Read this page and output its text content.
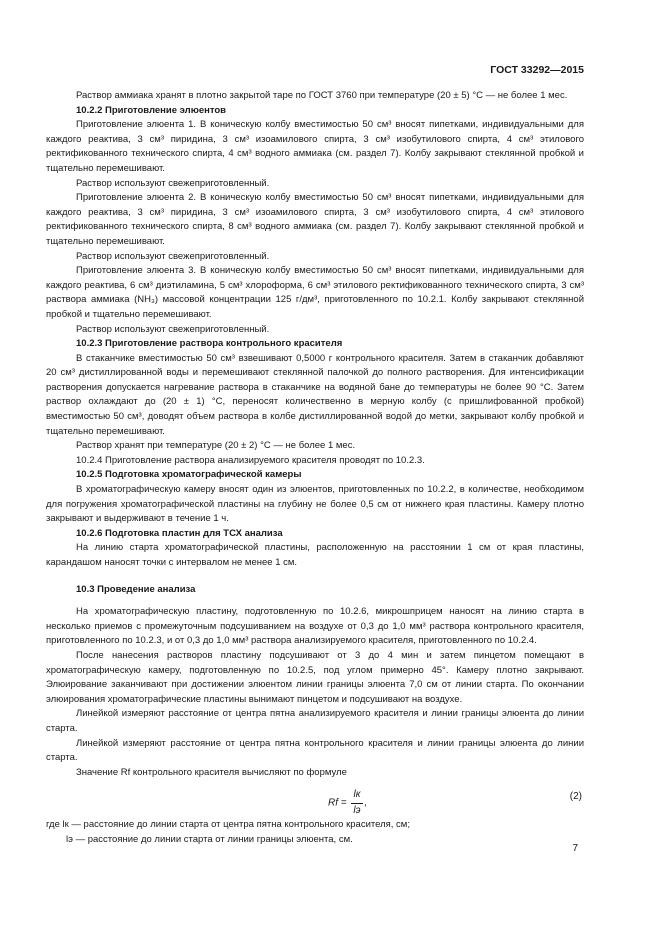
ГОСТ 33292—2015

Раствор аммиака хранят в плотно закрытой таре по ГОСТ 3760 при температуре (20 ± 5) °С — не более 1 мес.

10.2.2 Приготовление элюентов

Приготовление элюента 1. В коническую колбу вместимостью 50 см³ вносят пипетками, индивидуальными для каждого реактива, 3 см³ пиридина, 3 см³ изоамилового спирта, 3 см³ изобутилового спирта, 4 см³ этилового ректификованного технического спирта, 4 см³ водного аммиака (см. раздел 7). Колбу закрывают стеклянной пробкой и тщательно перемешивают.

Раствор используют свежеприготовленный.

Приготовление элюента 2. В коническую колбу вместимостью 50 см³ вносят пипетками, индивидуальными для каждого реактива, 3 см³ пиридина, 3 см³ изоамилового спирта, 3 см³ изобутилового спирта, 4 см³ этилового ректификованного технического спирта, 8 см³ водного аммиака (см. раздел 7). Колбу закрывают стеклянной пробкой и тщательно перемешивают.

Раствор используют свежеприготовленный.

Приготовление элюента 3. В коническую колбу вместимостью 50 см³ вносят пипетками, индивидуальными для каждого реактива, 6 см³ диэтиламина, 5 см³ хлороформа, 6 см³ этилового ректификованного технического спирта, 3 см³ раствора аммиака (NH₃) массовой концентрации 125 г/дм³, приготовленного по 10.2.1. Колбу закрывают стеклянной пробкой и тщательно перемешивают.

Раствор используют свежеприготовленный.

10.2.3 Приготовление раствора контрольного красителя

В стаканчике вместимостью 50 см³ взвешивают 0,5000 г контрольного красителя. Затем в стаканчик добавляют 20 см³ дистиллированной воды и перемешивают стеклянной палочкой до полного растворения. Для интенсификации растворения допускается нагревание раствора в стаканчике на водяной бане до температуры не более 90 °С. Затем раствор охлаждают до (20 ± 1) °С, переносят количественно в мерную колбу (с пришлифованной пробкой) вместимостью 50 см³, доводят объем раствора в колбе дистиллированной водой до метки, закрывают колбу пробкой и тщательно перемешивают.

Раствор хранят при температуре (20 ± 2) °С — не более 1 мес.

10.2.4 Приготовление раствора анализируемого красителя проводят по 10.2.3.

10.2.5 Подготовка хроматографической камеры

В хроматографическую камеру вносят один из элюентов, приготовленных по 10.2.2, в количестве, необходимом для погружения хроматографической пластины на глубину не более 0,5 см от нижнего края пластины. Камеру плотно закрывают и выдерживают в течение 1 ч.

10.2.6 Подготовка пластин для ТСХ анализа

На линию старта хроматографической пластины, расположенную на расстоянии 1 см от края пластины, карандашом наносят точки с интервалом не менее 1 см.

10.3 Проведение анализа

На хроматографическую пластину, подготовленную по 10.2.6, микрошприцем наносят на линию старта в несколько приемов с промежуточным подсушиванием на воздухе от 0,3 до 1,0 мм³ раствора контрольного красителя, приготовленного по 10.2.3, и от 0,3 до 1,0 мм³ раствора анализируемого красителя, приготовленного по 10.2.4.

После нанесения растворов пластину подсушивают от 3 до 4 мин и затем пинцетом помещают в хроматографическую камеру, подготовленную по 10.2.5, под углом примерно 45°. Камеру плотно закрывают. Элюирование заканчивают при достижении элюентом линии границы элюента 7,0 см от линии старта. По окончании элюирования хроматографические пластины вынимают пинцетом и подсушивают на воздухе.

Линейкой измеряют расстояние от центра пятна анализируемого красителя и линии границы элюента до линии старта.

Линейкой измеряют расстояние от центра пятна контрольного красителя и линии границы элюента до линии старта.

Значение Rf контрольного красителя вычисляют по формуле

Rf =
lк
lэ
,
(2)

где lк — расстояние до линии старта от центра пятна контрольного красителя, см;

lэ — расстояние до линии старта от линии границы элюента, см.

7
